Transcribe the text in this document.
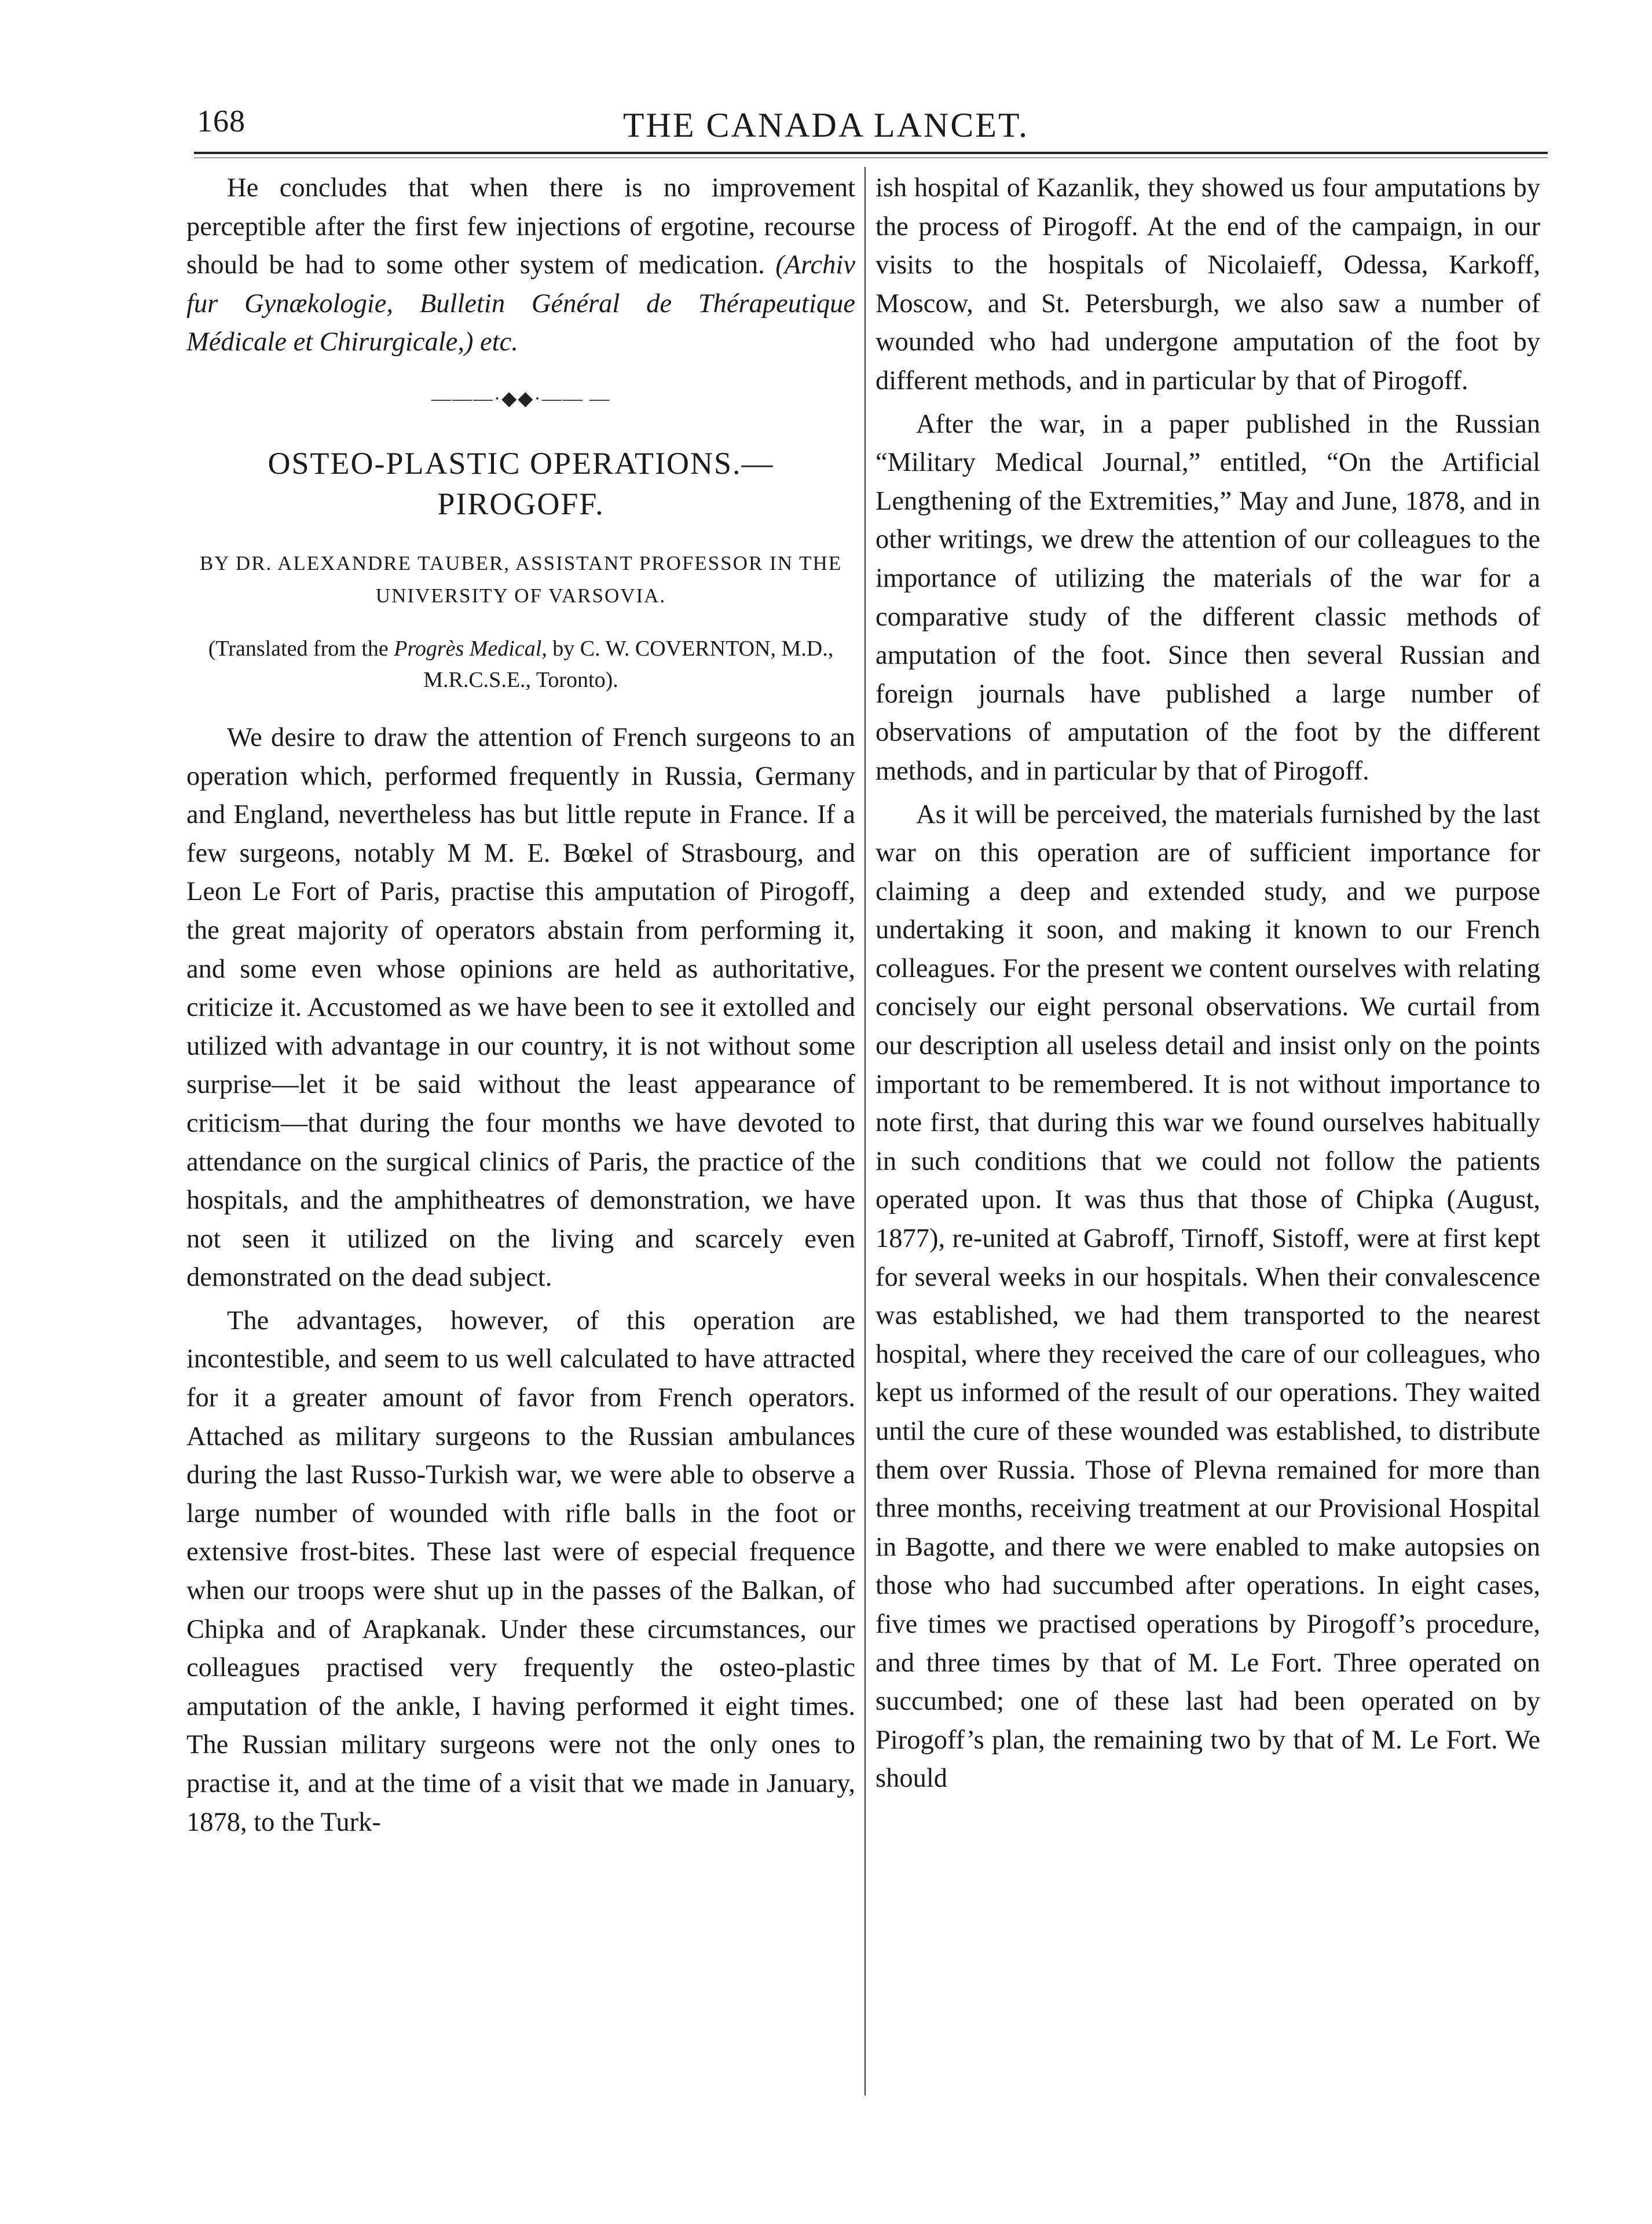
168	THE CANADA LANCET.

He concludes that when there is no improvement perceptible after the first few injections of ergotine, recourse should be had to some other system of medication. (Archiv fur Gynækologie, Bulletin Général de Thérapeutique Médicale et Chirurgicale,) etc.

———·◆◆·—— —
OSTEO-PLASTIC OPERATIONS.—PIROGOFF.
BY DR. ALEXANDRE TAUBER, ASSISTANT PROFESSOR IN THE UNIVERSITY OF VARSOVIA.
(Translated from the Progrès Medical, by C. W. COVERNTON, M.D., M.R.C.S.E., Toronto).

We desire to draw the attention of French surgeons to an operation which, performed frequently in Russia, Germany and England, nevertheless has but little repute in France. If a few surgeons, notably M M. E. Bœkel of Strasbourg, and Leon Le Fort of Paris, practise this amputation of Pirogoff, the great majority of operators abstain from performing it, and some even whose opinions are held as authoritative, criticize it. Accustomed as we have been to see it extolled and utilized with advantage in our country, it is not without some surprise—let it be said without the least appearance of criticism—that during the four months we have devoted to attendance on the surgical clinics of Paris, the practice of the hospitals, and the amphitheatres of demonstration, we have not seen it utilized on the living and scarcely even demonstrated on the dead subject.

The advantages, however, of this operation are incontestible, and seem to us well calculated to have attracted for it a greater amount of favor from French operators. Attached as military surgeons to the Russian ambulances during the last Russo-Turkish war, we were able to observe a large number of wounded with rifle balls in the foot or extensive frost-bites. These last were of especial frequence when our troops were shut up in the passes of the Balkan, of Chipka and of Arapkanak. Under these circumstances, our colleagues practised very frequently the osteo-plastic amputation of the ankle, I having performed it eight times. The Russian military surgeons were not the only ones to practise it, and at the time of a visit that we made in January, 1878, to the Turk-

ish hospital of Kazanlik, they showed us four amputations by the process of Pirogoff. At the end of the campaign, in our visits to the hospitals of Nicolaieff, Odessa, Karkoff, Moscow, and St. Petersburgh, we also saw a number of wounded who had undergone amputation of the foot by different methods, and in particular by that of Pirogoff.

After the war, in a paper published in the Russian “Military Medical Journal,” entitled, “On the Artificial Lengthening of the Extremities,” May and June, 1878, and in other writings, we drew the attention of our colleagues to the importance of utilizing the materials of the war for a comparative study of the different classic methods of amputation of the foot. Since then several Russian and foreign journals have published a large number of observations of amputation of the foot by the different methods, and in particular by that of Pirogoff.

As it will be perceived, the materials furnished by the last war on this operation are of sufficient importance for claiming a deep and extended study, and we purpose undertaking it soon, and making it known to our French colleagues. For the present we content ourselves with relating concisely our eight personal observations. We curtail from our description all useless detail and insist only on the points important to be remembered. It is not without importance to note first, that during this war we found ourselves habitually in such conditions that we could not follow the patients operated upon. It was thus that those of Chipka (August, 1877), re-united at Gabroff, Tirnoff, Sistoff, were at first kept for several weeks in our hospitals. When their convalescence was established, we had them transported to the nearest hospital, where they received the care of our colleagues, who kept us informed of the result of our operations. They waited until the cure of these wounded was established, to distribute them over Russia. Those of Plevna remained for more than three months, receiving treatment at our Provisional Hospital in Bagotte, and there we were enabled to make autopsies on those who had succumbed after operations. In eight cases, five times we practised operations by Pirogoff’s procedure, and three times by that of M. Le Fort. Three operated on succumbed; one of these last had been operated on by Pirogoff’s plan, the remaining two by that of M. Le Fort. We should
